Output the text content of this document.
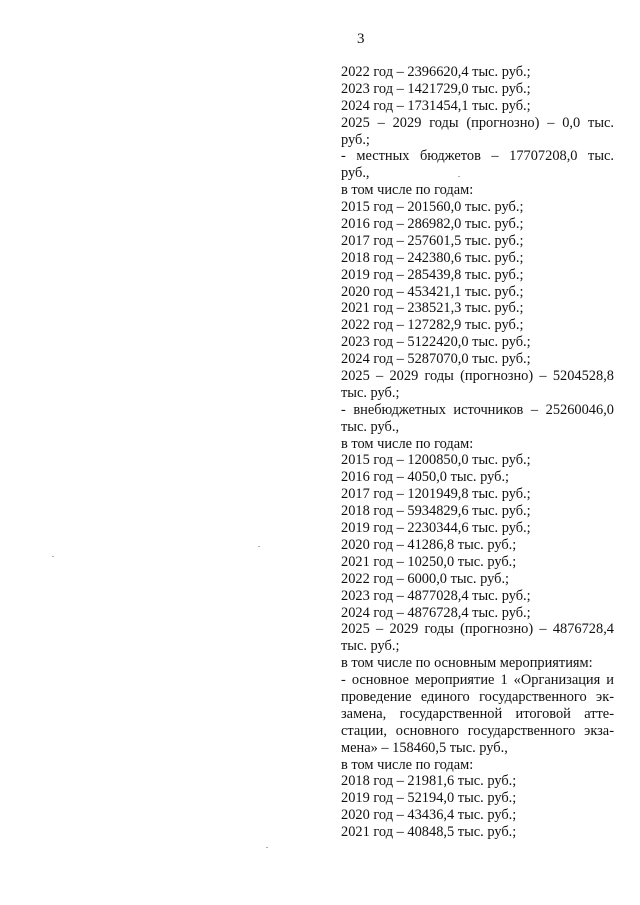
3
2022 год – 2396620,4 тыс. руб.;
2023 год – 1421729,0 тыс. руб.;
2024 год – 1731454,1 тыс. руб.;
2025 – 2029 годы (прогнозно) – 0,0 тыс.
руб.;
- местных бюджетов – 17707208,0 тыс.
руб.,
в том числе по годам:
2015 год – 201560,0 тыс. руб.;
2016 год – 286982,0 тыс. руб.;
2017 год – 257601,5 тыс. руб.;
2018 год – 242380,6 тыс. руб.;
2019 год – 285439,8 тыс. руб.;
2020 год – 453421,1 тыс. руб.;
2021 год – 238521,3 тыс. руб.;
2022 год – 127282,9 тыс. руб.;
2023 год – 5122420,0 тыс. руб.;
2024 год – 5287070,0 тыс. руб.;
2025 – 2029 годы (прогнозно) – 5204528,8
тыс. руб.;
- внебюджетных источников – 25260046,0
тыс. руб.,
в том числе по годам:
2015 год – 1200850,0 тыс. руб.;
2016 год – 4050,0 тыс. руб.;
2017 год – 1201949,8 тыс. руб.;
2018 год – 5934829,6 тыс. руб.;
2019 год – 2230344,6 тыс. руб.;
2020 год – 41286,8 тыс. руб.;
2021 год – 10250,0 тыс. руб.;
2022 год – 6000,0 тыс. руб.;
2023 год – 4877028,4 тыс. руб.;
2024 год – 4876728,4 тыс. руб.;
2025 – 2029 годы (прогнозно) – 4876728,4
тыс. руб.;
в том числе по основным мероприятиям:
- основное мероприятие 1 «Организация и
проведение единого государственного эк-
замена, государственной итоговой атте-
стации, основного государственного экза-
мена» – 158460,5 тыс. руб.,
в том числе по годам:
2018 год – 21981,6 тыс. руб.;
2019 год – 52194,0 тыс. руб.;
2020 год – 43436,4 тыс. руб.;
2021 год – 40848,5 тыс. руб.;
